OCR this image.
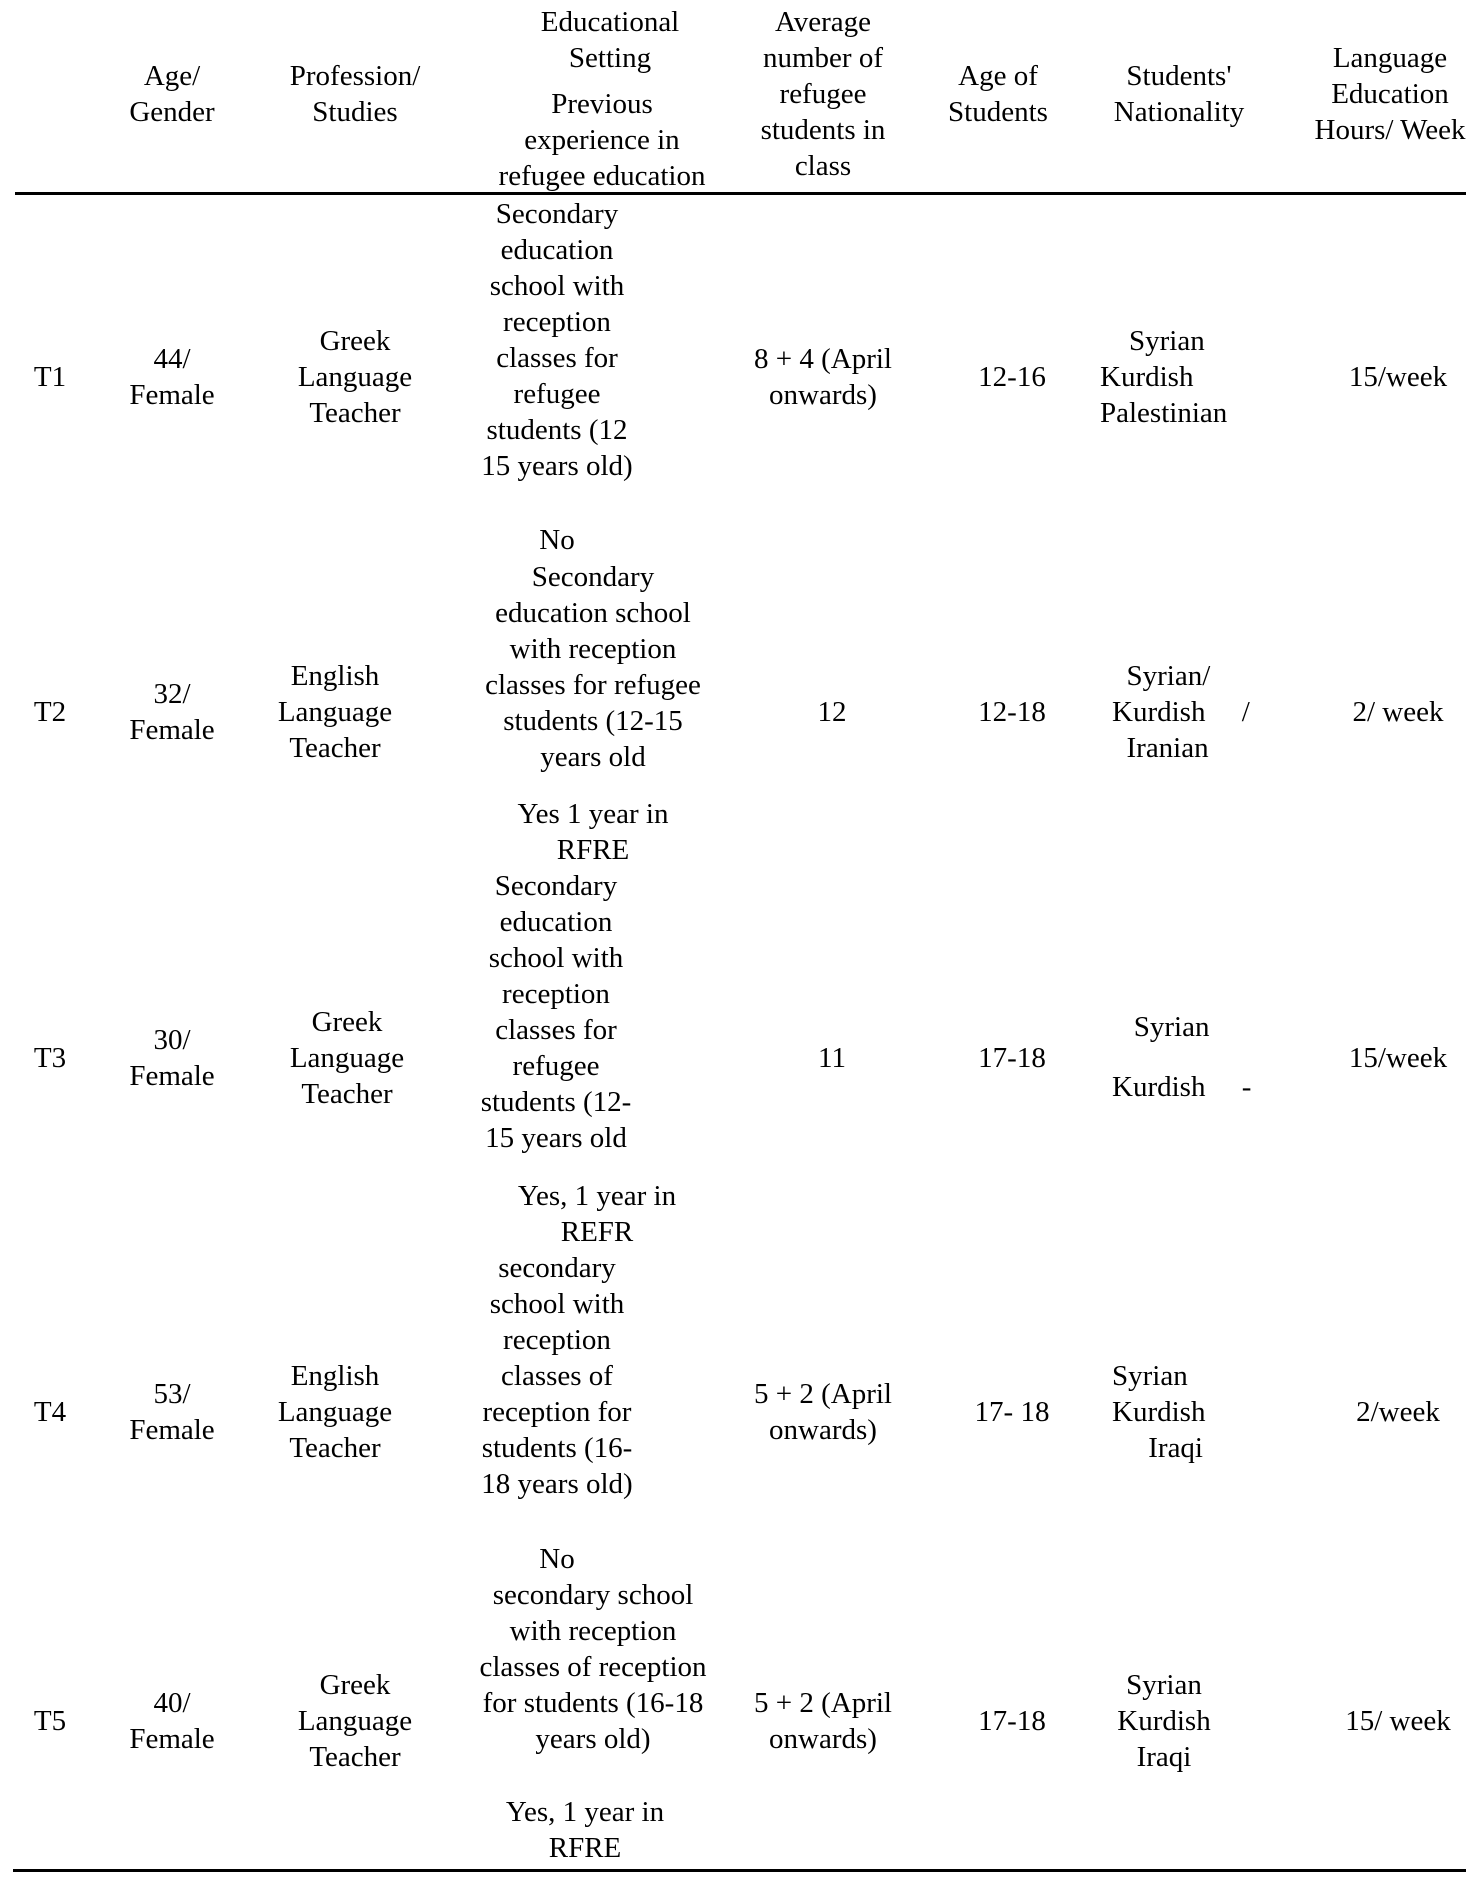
Age/
Gender
Profession/
Studies
Educational
Setting
Previous
experience in
refugee education
Average
number of
refugee
students in
class
Age of
Students
Students'
Nationality
Language
Education
Hours/ Week
T1
44/
Female
Greek
Language
Teacher
Secondary
education
school with
reception
classes for
refugee
students (12
15 years old)
8 + 4 (April
onwards)
12-16
Syrian
Kurdish
Palestinian
15/week
T2
32/
Female
English
Language
Teacher
No
Secondary
education school
with reception
classes for refugee
students (12-15
years old
12	12-18
Syrian/
Kurdish     /
Iranian
2/ week
Yes 1 year in
RFRE
T3
30/
Female
Greek
Language
Teacher
Secondary
education
school with
reception
classes for
refugee
students (12-
15 years old
11	17-18
Syrian

Kurdish     -
15/week
Yes, 1 year in
REFR
T4
53/
Female
English
Language
Teacher
secondary
school with
reception
classes of
reception for
students (16-
18 years old)
5 + 2 (April
onwards)
17- 18
Syrian
Kurdish
Iraqi
2/week
No
T5
40/
Female
Greek
Language
Teacher
secondary school
with reception
classes of reception
for students (16-18
years old)
Yes, 1 year in
RFRE
5 + 2 (April
onwards)
17-18
Syrian
Kurdish
Iraqi
15/ week
